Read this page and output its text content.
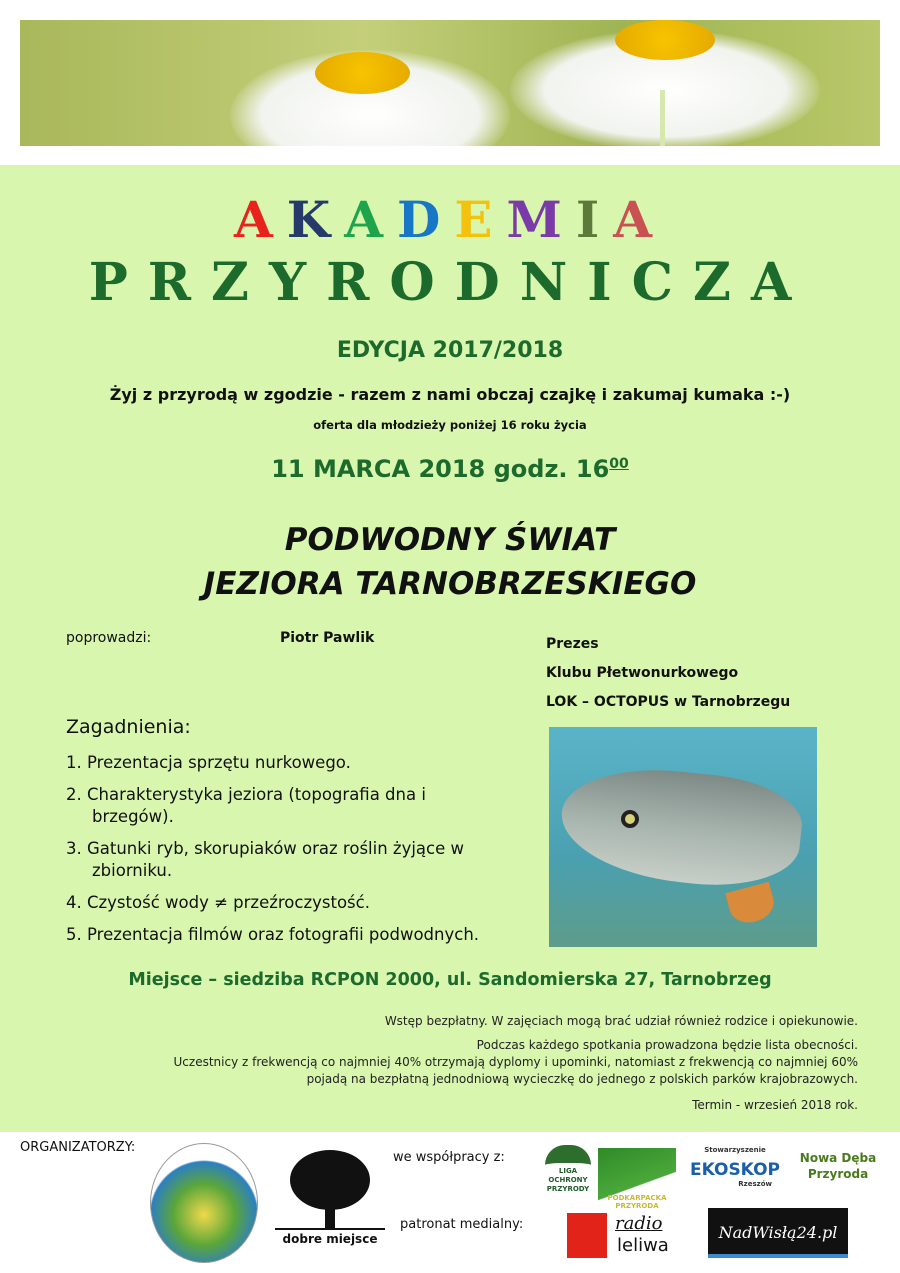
AKADEMIA
PRZYRODNICZA
EDYCJA 2017/2018
Żyj z przyrodą w zgodzie - razem z nami obczaj czajkę i zakumaj kumaka :-)
oferta dla młodzieży poniżej 16 roku życia
11 MARCA 2018 godz. $16^{00}$
PODWODNY ŚWIAT
JEZIORA TARNOBRZESKIEGO
poprowadzi:	Piotr Pawlik	Prezes
Klubu Płetwonurkowego
LOK – OCTOPUS w Tarnobrzegu
Zagadnienia:
1. Prezentacja sprzętu nurkowego.
2. Charakterystyka jeziora (topografia dna i brzegów).
3. Gatunki ryb, skorupiaków oraz roślin żyjące w zbiorniku.
4. Czystość wody ≠ przeźroczystość.
5. Prezentacja filmów oraz fotografii podwodnych.
Miejsce – siedziba RCPON 2000, ul. Sandomierska 27, Tarnobrzeg
Wstęp bezpłatny. W zajęciach mogą brać udział również rodzice i opiekunowie.
Podczas każdego spotkania prowadzona będzie lista obecności.
Uczestnicy z frekwencją co najmniej 40% otrzymają dyplomy i upominki, natomiast z frekwencją co najmniej 60%
pojadą na bezpłatną jednodniową wycieczkę do jednego z polskich parków krajobrazowych.
Termin - wrzesień 2018 rok.
ORGANIZATORZY:
dobre miejsce
we współpracy z:
patronat medialny:
LIGA OCHRONY PRZYRODY
PODKARPACKA PRZYRODA
Stowarzyszenie
EKOSKOP
Rzeszów
Nowa Dęba Przyroda
radio
leliwa
NadWisłą24.pl
